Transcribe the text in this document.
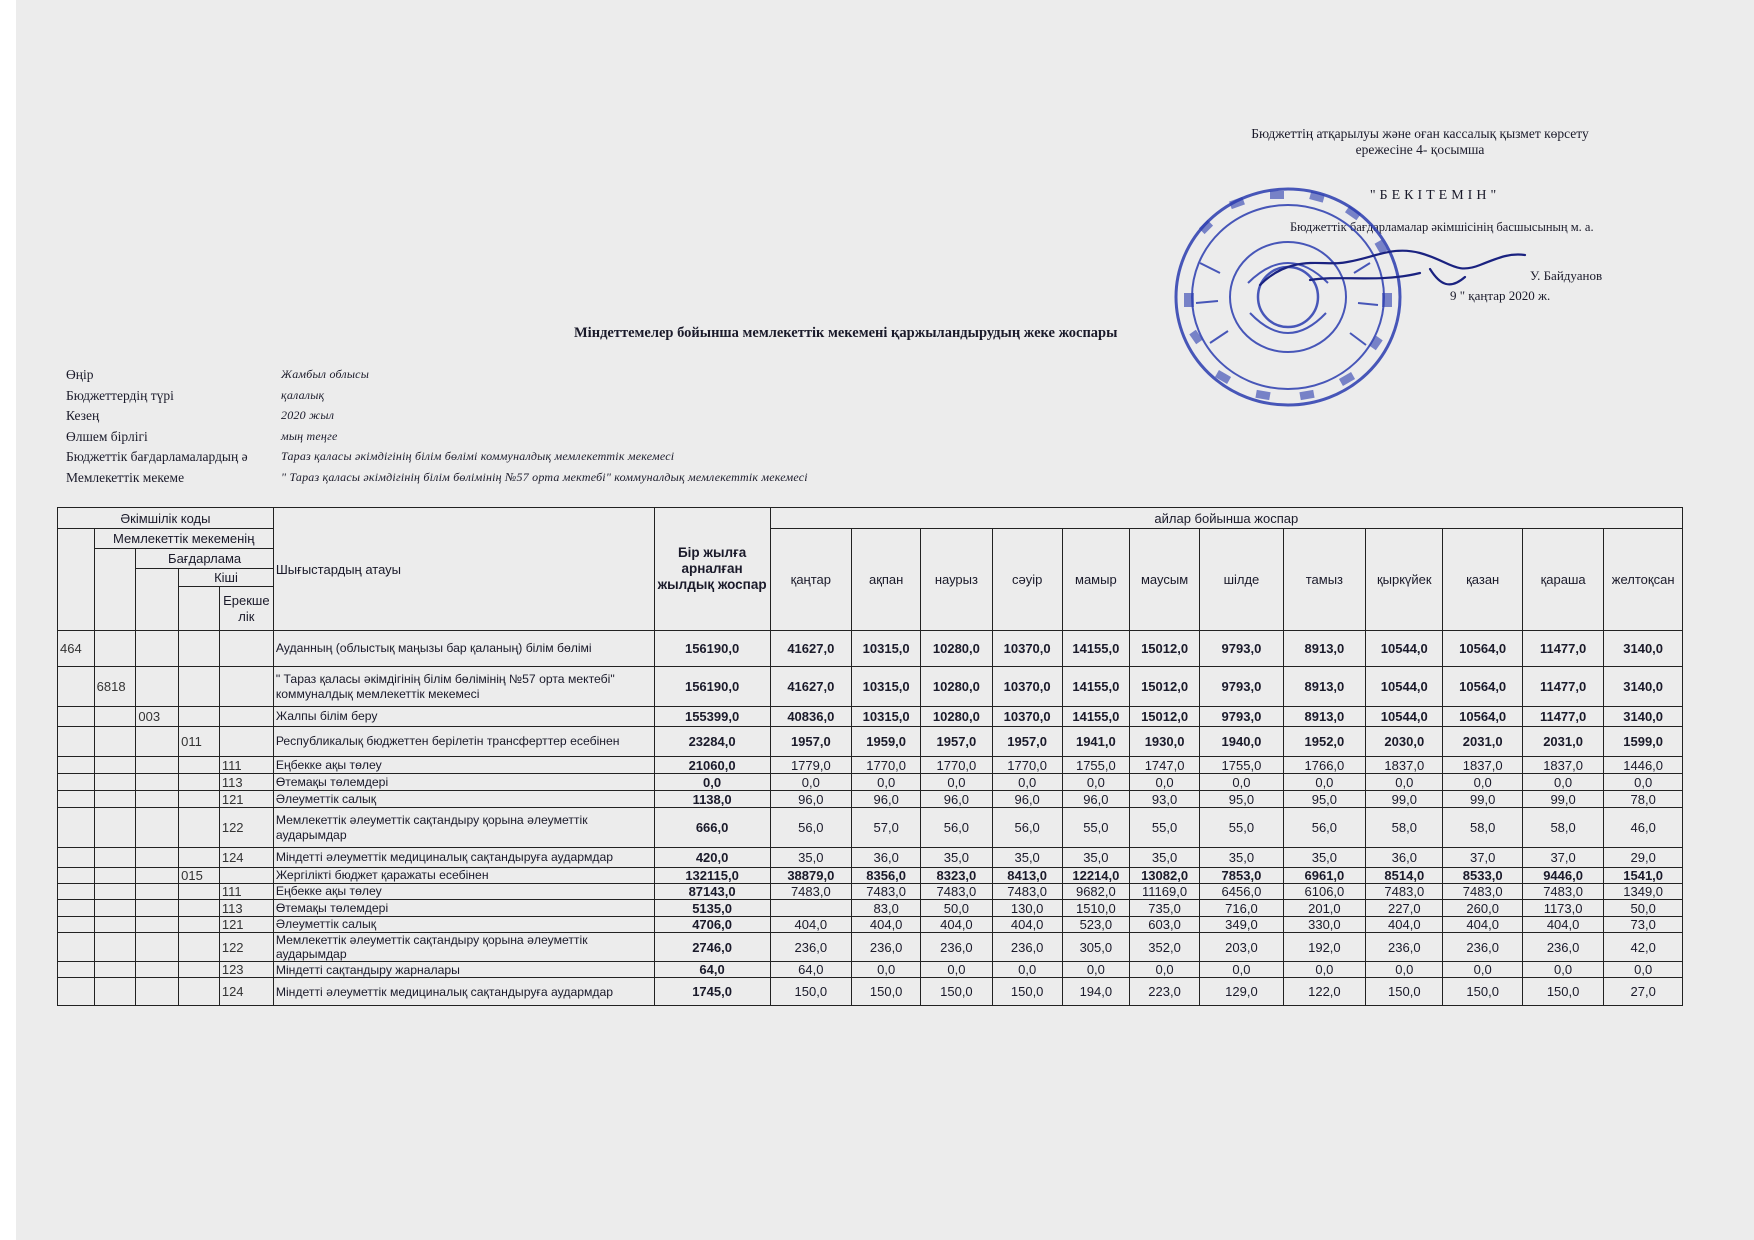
Бюджеттің атқарылуы және оған кассалық қызмет көрсету
ережесіне 4- қосымша
"БЕКІТЕМІН"
Бюджеттік бағдарламалар әкімшісінің басшысының м. а.
У. Байдуанов
9 " қаңтар 2020 ж.
Міндеттемелер бойынша мемлекеттік мекемені қаржыландырудың жеке жоспары
Өңір	Жамбыл облысы
Бюджеттердің түрі	қалалық
Кезең	2020 жыл
Өлшем бірлігі	мың теңге
Бюджеттік бағдарламалардың ә	Тараз қаласы әкімдігінің білім бөлімі коммуналдық мемлекеттік мекемесі
Мемлекеттік мекеме	" Тараз қаласы әкімдігінің білім бөлімінің №57 орта мектебі" коммуналдық мемлекеттік мекемесі
Әкімшілік коды					Шығыстардың атауы	Бір жылға арналған жылдық жоспар	айлар бойынша жоспар											
	Мемлекеттік мекеменің						қаңтар	ақпан	наурыз	сәуір	мамыр	маусым	шілде	тамыз	қыркүйек	қазан	қараша	желтоқсан
		Бағдарлама																
			Кіші															
				Ерекше лік														
464					Ауданның (облыстық маңызы бар қаланың) білім бөлімі	156190,0	41627,0	10315,0	10280,0	10370,0	14155,0	15012,0	9793,0	8913,0	10544,0	10564,0	11477,0	3140,0
	6818				" Тараз қаласы әкімдігінің білім бөлімінің №57 орта мектебі" коммуналдық мемлекеттік мекемесі	156190,0	41627,0	10315,0	10280,0	10370,0	14155,0	15012,0	9793,0	8913,0	10544,0	10564,0	11477,0	3140,0
		003			Жалпы білім беру	155399,0	40836,0	10315,0	10280,0	10370,0	14155,0	15012,0	9793,0	8913,0	10544,0	10564,0	11477,0	3140,0
			011		Республикалық бюджеттен берілетін трансферттер есебінен	23284,0	1957,0	1959,0	1957,0	1957,0	1941,0	1930,0	1940,0	1952,0	2030,0	2031,0	2031,0	1599,0
				111	Еңбекке ақы төлеу	21060,0	1779,0	1770,0	1770,0	1770,0	1755,0	1747,0	1755,0	1766,0	1837,0	1837,0	1837,0	1446,0
				113	Өтемақы төлемдері	0,0	0,0	0,0	0,0	0,0	0,0	0,0	0,0	0,0	0,0	0,0	0,0	0,0
				121	Әлеуметтік салық	1138,0	96,0	96,0	96,0	96,0	96,0	93,0	95,0	95,0	99,0	99,0	99,0	78,0
				122	Мемлекеттік әлеуметтік сақтандыру қорына әлеуметтік аударымдар	666,0	56,0	57,0	56,0	56,0	55,0	55,0	55,0	56,0	58,0	58,0	58,0	46,0
				124	Міндетті әлеуметтік медициналық сақтандыруға аудармдар	420,0	35,0	36,0	35,0	35,0	35,0	35,0	35,0	35,0	36,0	37,0	37,0	29,0
			015		Жергілікті бюджет қаражаты есебінен	132115,0	38879,0	8356,0	8323,0	8413,0	12214,0	13082,0	7853,0	6961,0	8514,0	8533,0	9446,0	1541,0
				111	Еңбекке ақы төлеу	87143,0	7483,0	7483,0	7483,0	7483,0	9682,0	11169,0	6456,0	6106,0	7483,0	7483,0	7483,0	1349,0
				113	Өтемақы төлемдері	5135,0		83,0	50,0	130,0	1510,0	735,0	716,0	201,0	227,0	260,0	1173,0	50,0
				121	Әлеуметтік салық	4706,0	404,0	404,0	404,0	404,0	523,0	603,0	349,0	330,0	404,0	404,0	404,0	73,0
				122	Мемлекеттік әлеуметтік сақтандыру қорына әлеуметтік аударымдар	2746,0	236,0	236,0	236,0	236,0	305,0	352,0	203,0	192,0	236,0	236,0	236,0	42,0
				123	Міндетті сақтандыру жарналары	64,0	64,0	0,0	0,0	0,0	0,0	0,0	0,0	0,0	0,0	0,0	0,0	0,0
				124	Міндетті әлеуметтік медициналық сақтандыруға аудармдар	1745,0	150,0	150,0	150,0	150,0	194,0	223,0	129,0	122,0	150,0	150,0	150,0	27,0
